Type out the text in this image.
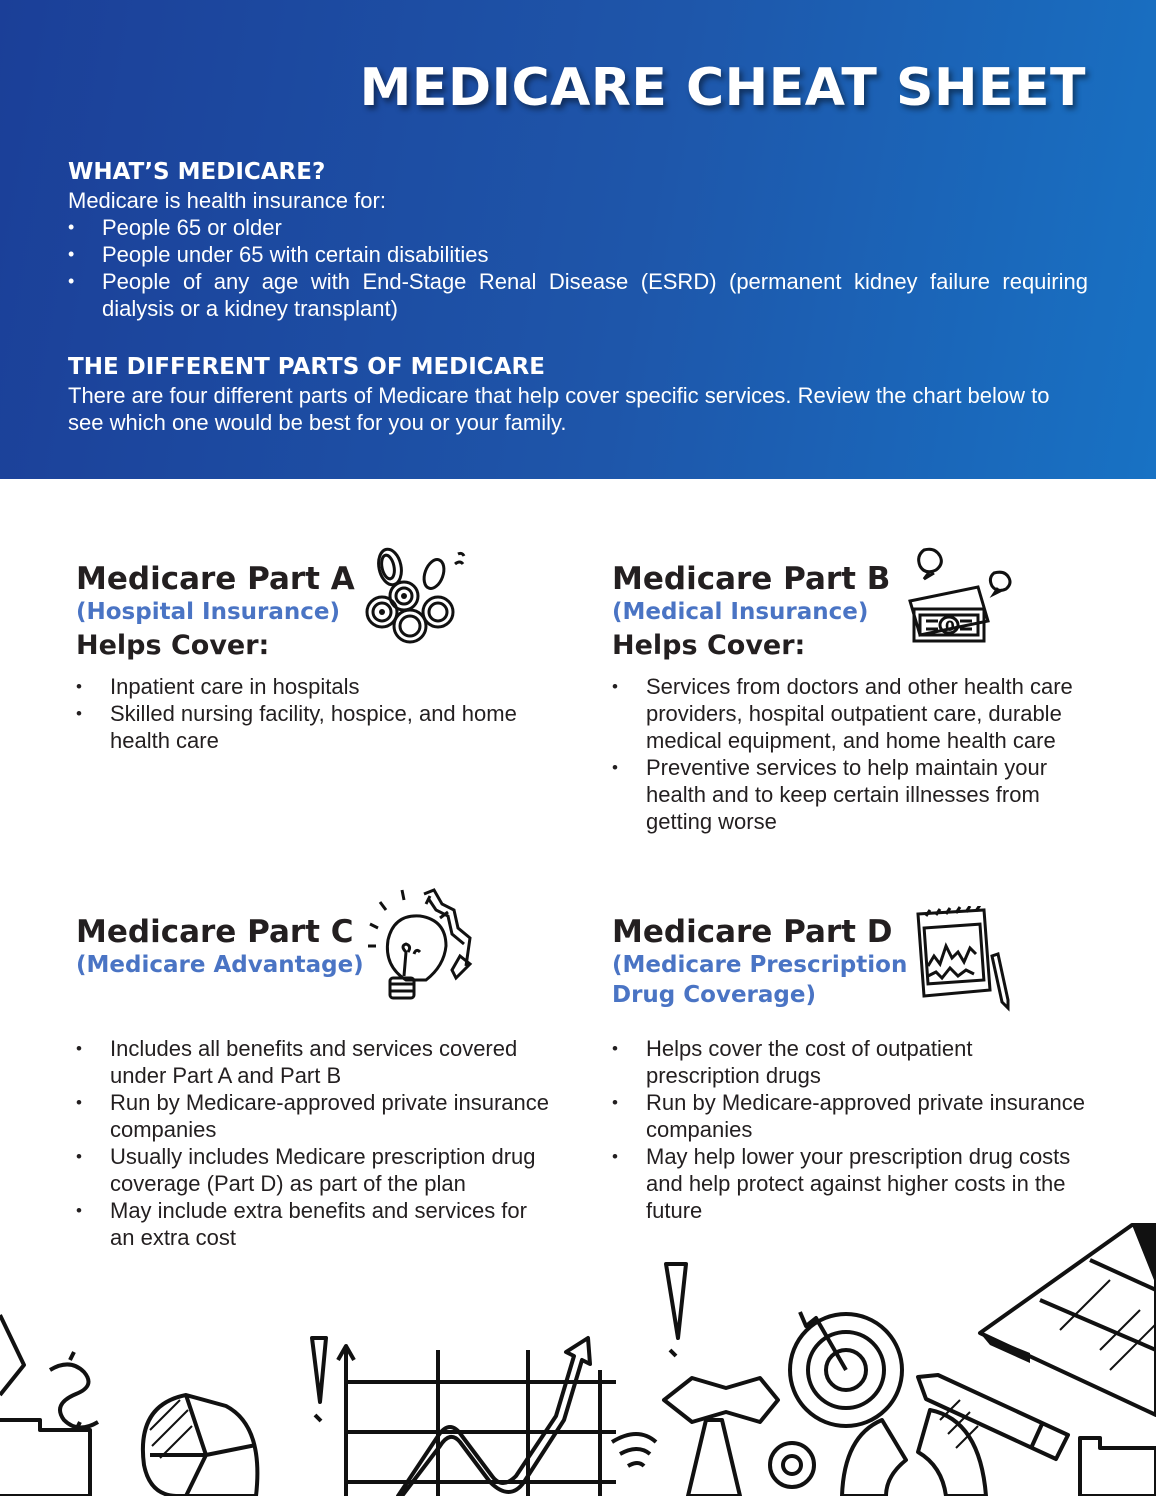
MEDICARE CHEAT SHEET
WHAT’S MEDICARE?

Medicare is health insurance for:

• People 65 or older
• People under 65 with certain disabilities
• People of any age with End-Stage Renal Disease (ESRD) (permanent kidney failure requiring dialysis or a kidney transplant)
THE DIFFERENT PARTS OF MEDICARE

There are four different parts of Medicare that help cover specific services. Review the chart below to see which one would be best for you or your family.

Medicare Part A
(Hospital Insurance)
Helps Cover:
• Inpatient care in hospitals
• Skilled nursing facility, hospice, and home health care
Medicare Part B
(Medical Insurance)
Helps Cover:
• Services from doctors and other health care providers, hospital outpatient care, durable medical equipment, and home health care
• Preventive services to help maintain your health and to keep certain illnesses from getting worse
0
Medicare Part C
(Medicare Advantage)
• Includes all benefits and services covered under Part A and Part B
• Run by Medicare-approved private insurance companies
• Usually includes Medicare prescription drug coverage (Part D) as part of the plan
• May include extra benefits and services for an extra cost
Medicare Part D
(Medicare Prescription
Drug Coverage)
• Helps cover the cost of outpatient prescription drugs
• Run by Medicare-approved private insurance companies
• May help lower your prescription drug costs and help protect against higher costs in the future
